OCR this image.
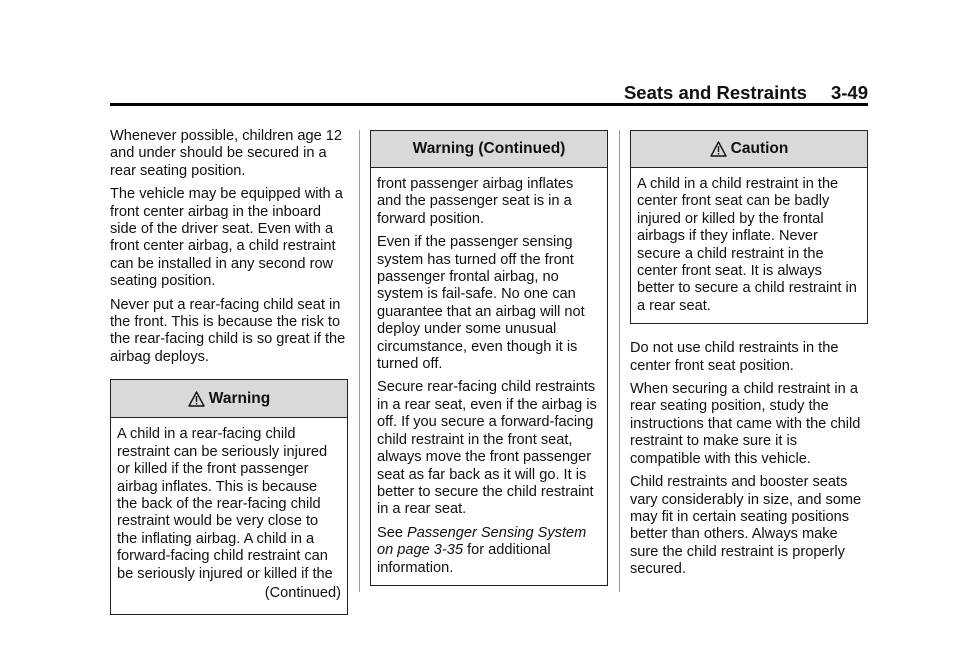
Seats and Restraints 3-49

Whenever possible, children age 12 and under should be secured in a rear seating position.

The vehicle may be equipped with a front center airbag in the inboard side of the driver seat. Even with a front center airbag, a child restraint can be installed in any second row seating position.

Never put a rear-facing child seat in the front. This is because the risk to the rear-facing child is so great if the airbag deploys.

Warning

A child in a rear-facing child restraint can be seriously injured or killed if the front passenger airbag inflates. This is because the back of the rear-facing child restraint would be very close to the inflating airbag. A child in a forward-facing child restraint can be seriously injured or killed if the

(Continued)

Warning (Continued)

front passenger airbag inflates and the passenger seat is in a forward position.

Even if the passenger sensing system has turned off the front passenger frontal airbag, no system is fail-safe. No one can guarantee that an airbag will not deploy under some unusual circumstance, even though it is turned off.

Secure rear-facing child restraints in a rear seat, even if the airbag is off. If you secure a forward-facing child restraint in the front seat, always move the front passenger seat as far back as it will go. It is better to secure the child restraint in a rear seat.

See Passenger Sensing System on page 3-35 for additional information.

Caution

A child in a child restraint in the center front seat can be badly injured or killed by the frontal airbags if they inflate. Never secure a child restraint in the center front seat. It is always better to secure a child restraint in a rear seat.

Do not use child restraints in the center front seat position.

When securing a child restraint in a rear seating position, study the instructions that came with the child restraint to make sure it is compatible with this vehicle.

Child restraints and booster seats vary considerably in size, and some may fit in certain seating positions better than others. Always make sure the child restraint is properly secured.
